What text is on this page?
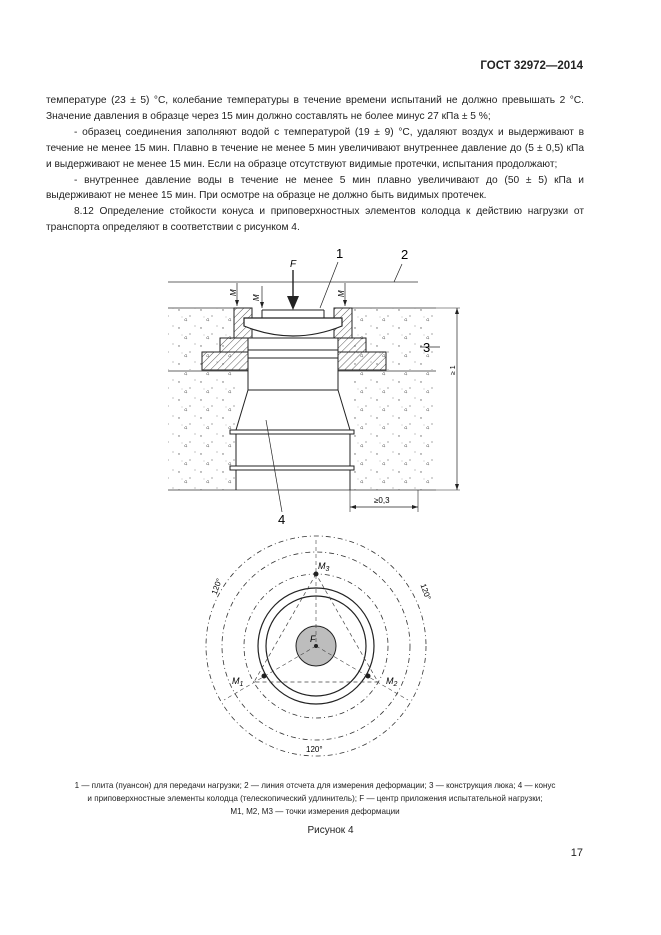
ГОСТ 32972—2014

температуре (23 ± 5) °С, колебание температуры в течение времени испытаний не должно превышать 2 °С. Значение давления в образце через 15 мин должно составлять не более минус 27 кПа ± 5 %;

- образец соединения заполняют водой с температурой (19 ± 9) °С, удаляют воздух и выдерживают в течение не менее 15 мин. Плавно в течение не менее 5 мин увеличивают внутреннее давление до (5 ± 0,5) кПа и выдерживают не менее 15 мин. Если на образце отсутствуют видимые протечки, испытания продолжают;

- внутреннее давление воды в течение не менее 5 мин плавно увеличивают до (50 ± 5) кПа и выдерживают не менее 15 мин. При осмотре на образце не должно быть видимых протечек.

8.12 Определение стойкости конуса и приповерхностных элементов колодца к действию нагрузки от транспорта определяют в соответствии с рисунком 4.

F
M
M
M
≥ 1
≥0,3
1	2
3
4
$M_3$
$M_1$	$M_2$
F
120°	120°
120°

1 — плита (пуансон) для передачи нагрузки; 2 — линия отсчета для измерения деформации; 3 — конструкция люка; 4 — конус

и приповерхностные элементы колодца (телескопический удлинитель); F — центр приложения испытательной нагрузки;

M1, M2, M3 — точки измерения деформации

Рисунок 4
17
